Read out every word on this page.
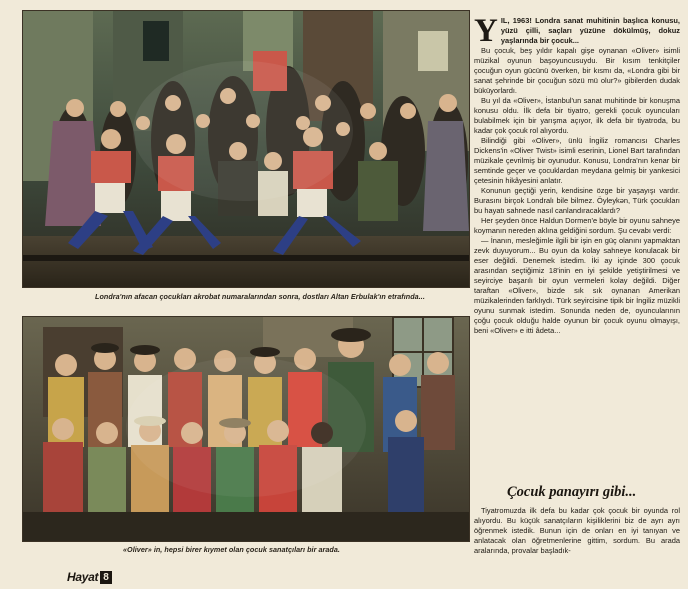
Londra'nın afacan çocukları akrobat numaralarından sonra, dostları Altan Erbulak'ın etrafında...
«Oliver» in, hepsi birer kıymet olan çocuk sanatçıları bir arada.

YIL, 1963! Londra sanat muhitinin başlıca konusu, yüzü çilli, saçları yüzüne dökülmüş, dokuz yaşlarında bir çocuk...

Bu çocuk, beş yıldır kapalı gişe oynanan «Oliver» isimli müzikal oyunun başoyuncusuydu. Bir kısım tenkitçiler çocuğun oyun gücünü överken, bir kısmı da, «Londra gibi bir sanat şehrinde bir çocuğun sözü mü olur?» gibilerden dudak büküyorlardı.

Bu yıl da «Oliver», İstanbul'un sanat muhitinde bir konuşma konusu oldu. İlk defa bir tiyatro, gerekli çocuk oyuncuları bulabilmek için bir yarışma açıyor, ilk defa bir tiyatroda, bu kadar çok çocuk rol alıyordu.

Bilindiği gibi «Oliver», ünlü İngiliz romancısı Charles Dickens'in «Oliver Twist» isimli eserinin, Lionel Bart tarafından müzikale çevrilmiş bir oyunudur. Konusu, Londra'nın kenar bir semtinde geçer ve çocuklardan meydana gelmiş bir yankesici çetesinin hikâyesini anlatır.

Konunun geçtiği yerin, kendisine özge bir yaşayışı vardır. Burasını birçok Londralı bile bilmez. Öyleykən, Türk çocukları bu hayatı sahnede nasıl canlandıracaklardı?

Her şeyden önce Haldun Dormen'e böyle bir oyunu sahneye koymanın nereden aklına geldiğini sordum. Şu cevabı verdi:

— İnanın, mesleğimle ilgili bir işin en güç olanını yapmaktan zevk duyuyorum... Bu oyun da kolay sahneye konulacak bir eser değildi. Denemek istedim. İki ay içinde 300 çocuk arasından seçtiğimiz 18'inin en iyi şekilde yetiştirilmesi ve seyirciye başarılı bir oyun vermeleri kolay değildi. Diğer taraftan «Oliver», bizde sık sık oynanan Amerikan müzikalerinden farklıydı. Türk seyircisine tipik bir İngiliz müzikli oyunu sunmak istedim. Sonunda neden de, oyuncularının çoğu çocuk olduğu halde oyunun bir çocuk oyunu olmayışı, beni «Oliver» e itti âdeta...

Çocuk panayırı gibi...

Tiyatromuzda ilk defa bu kadar çok çocuk bir oyunda rol alıyordu. Bu küçük sanatçıların kişiliklerini biz de ayrı ayrı öğrenmek istedik. Bunun için de onları en iyi tanıyan ve anlatacak olan öğretmenlerine gittim, sordum. Bu arada aralarında, provalar başladık-

Hayat 8
